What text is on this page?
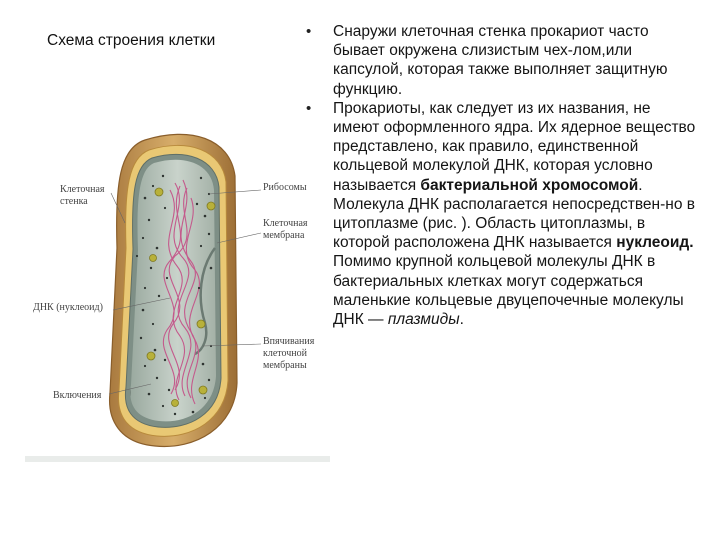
Схема строения клетки
Клеточная
стенка
Рибосомы
Клеточная
мембрана
ДНК (нуклеоид)
Впячивания
клеточной
мембраны
Включения
• Снаружи клеточная стенка прокариот часто бывает окружена слизистым чех-лом,или капсулой, которая также выполняет защитную функцию.
• Прокариоты, как следует из их названия, не имеют оформленного ядра. Их ядерное вещество представлено, как правило, единственной кольцевой молекулой ДНК, которая условно называется бактериальной хромосомой. Молекула ДНК располагается непосредствен-но в цитоплазме (рис. ). Область цитоплазмы, в которой расположена ДНК называется нуклеоид. Помимо крупной кольцевой молекулы ДНК в бактериальных клетках могут содержаться маленькие кольцевые двуцепочечные молекулы ДНК — плазмиды.
